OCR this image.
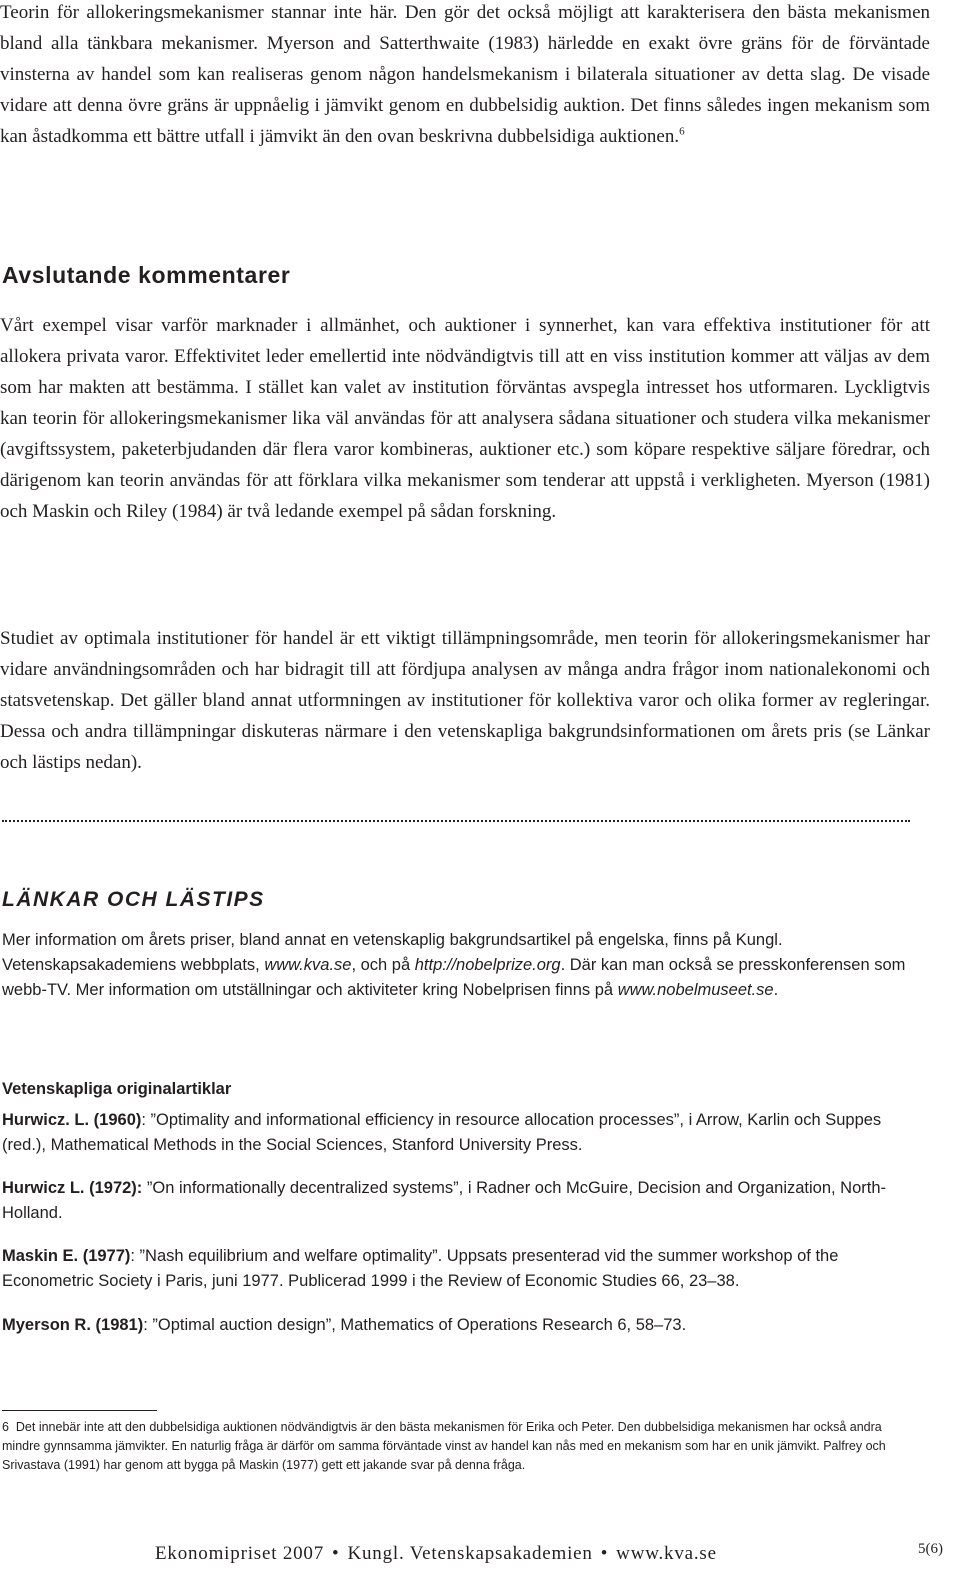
Teorin för allokeringsmekanismer stannar inte här. Den gör det också möjligt att karakterisera den bästa mekanismen bland alla tänkbara mekanismer. Myerson and Satterthwaite (1983) härledde en exakt övre gräns för de förväntade vinsterna av handel som kan realiseras genom någon handelsmekanism i bilaterala situationer av detta slag. De visade vidare att denna övre gräns är uppnåelig i jämvikt genom en dubbelsidig auktion. Det finns således ingen mekanism som kan åstadkomma ett bättre utfall i jämvikt än den ovan beskrivna dubbelsidiga auktionen.$^6$

Avslutande kommentarer

Vårt exempel visar varför marknader i allmänhet, och auktioner i synnerhet, kan vara effektiva institutioner för att allokera privata varor. Effektivitet leder emellertid inte nödvändigtvis till att en viss institution kommer att väljas av dem som har makten att bestämma. I stället kan valet av institution förväntas avspegla intresset hos utformaren. Lyckligtvis kan teorin för allokeringsmekanismer lika väl användas för att analysera sådana situationer och studera vilka mekanismer (avgiftssystem, paketerbjudanden där flera varor kombineras, auktioner etc.) som köpare respektive säljare föredrar, och därigenom kan teorin användas för att förklara vilka mekanismer som tenderar att uppstå i verkligheten. Myerson (1981) och Maskin och Riley (1984) är två ledande exempel på sådan forskning.

Studiet av optimala institutioner för handel är ett viktigt tillämpningsområde, men teorin för allokeringsmekanismer har vidare användningsområden och har bidragit till att fördjupa analysen av många andra frågor inom nationalekonomi och statsvetenskap. Det gäller bland annat utformningen av institutioner för kollektiva varor och olika former av regleringar. Dessa och andra tillämpningar diskuteras närmare i den vetenskapliga bakgrundsinformationen om årets pris (se Länkar och lästips nedan).

LÄNKAR OCH LÄSTIPS

Mer information om årets priser, bland annat en vetenskaplig bakgrundsartikel på engelska, finns på Kungl. Vetenskapsakademiens webbplats, www.kva.se, och på http://nobelprize.org. Där kan man också se presskonferensen som webb-TV. Mer information om utställningar och aktiviteter kring Nobelprisen finns på www.nobelmuseet.se.

Vetenskapliga originalartiklar

Hurwicz. L. (1960): ”Optimality and informational efficiency in resource allocation processes”, i Arrow, Karlin och Suppes (red.), Mathematical Methods in the Social Sciences, Stanford University Press.

Hurwicz L. (1972): ”On informationally decentralized systems”, i Radner och McGuire, Decision and Organization, North-Holland.

Maskin E. (1977): ”Nash equilibrium and welfare optimality”. Uppsats presenterad vid the summer workshop of the Econometric Society i Paris, juni 1977. Publicerad 1999 i the Review of Economic Studies 66, 23–38.

Myerson R. (1981): ”Optimal auction design”, Mathematics of Operations Research 6, 58–73.

6 Det innebär inte att den dubbelsidiga auktionen nödvändigtvis är den bästa mekanismen för Erika och Peter. Den dubbelsidiga mekanismen har också andra mindre gynnsamma jämvikter. En naturlig fråga är därför om samma förväntade vinst av handel kan nås med en mekanism som har en unik jämvikt. Palfrey och Srivastava (1991) har genom att bygga på Maskin (1977) gett ett jakande svar på denna fråga.

Ekonomipriset 2007 • Kungl. Vetenskapsakademien • www.kva.se	5(6)
